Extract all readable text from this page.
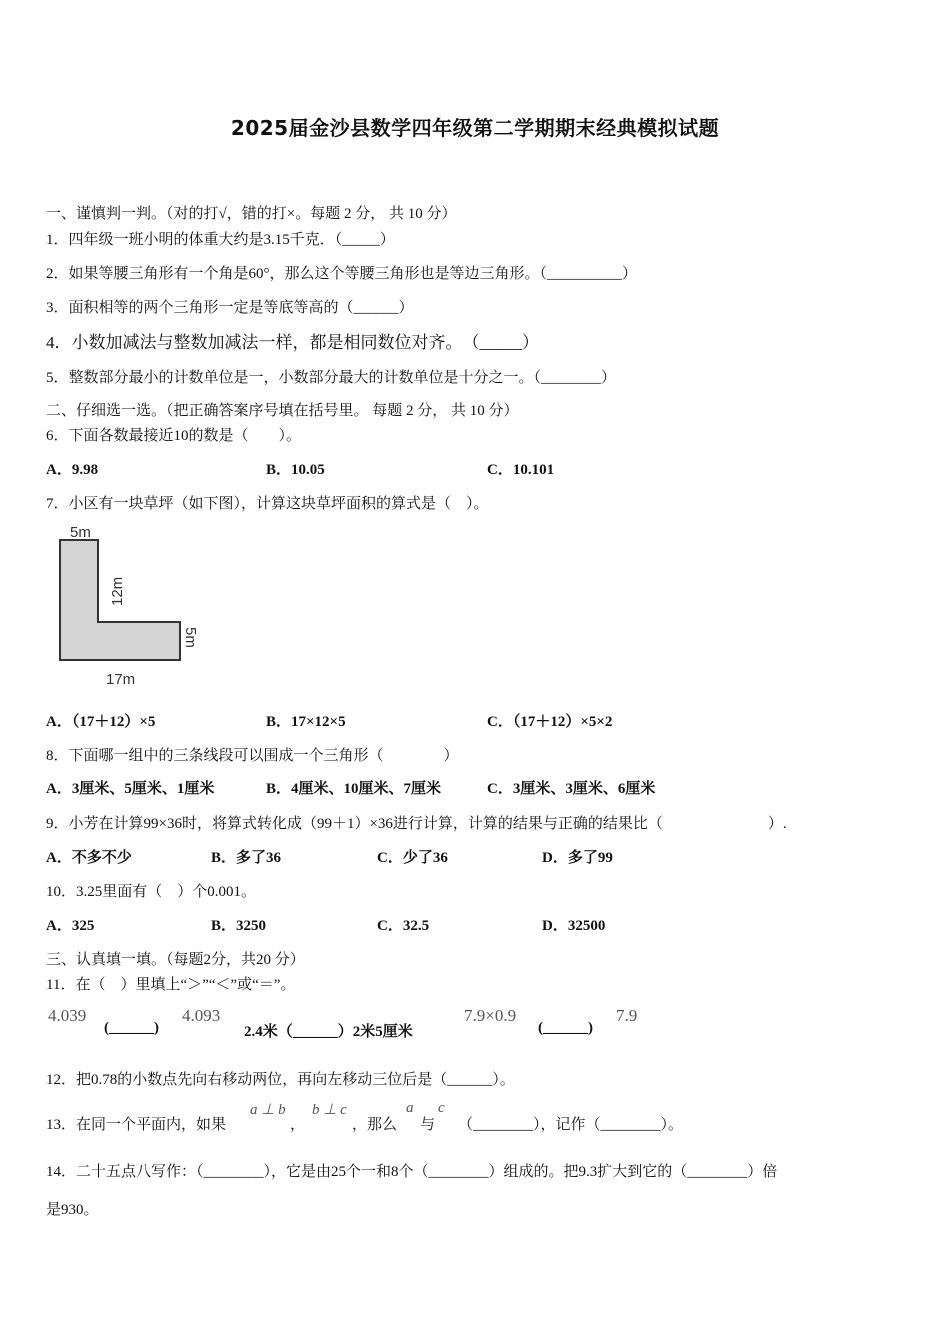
2025届金沙县数学四年级第二学期期末经典模拟试题
一、谨慎判一判。（对的打√，错的打×。每题 2 分， 共 10 分）
1．四年级一班小明的体重大约是3.15千克．（_____）
2．如果等腰三角形有一个角是60°，那么这个等腰三角形也是等边三角形。（__________）
3．面积相等的两个三角形一定是等底等高的（______）
4．小数加减法与整数加减法一样，都是相同数位对齐。　（_____）
5．整数部分最小的计数单位是一，小数部分最大的计数单位是十分之一。（________）
二、仔细选一选。（把正确答案序号填在括号里。 每题 2 分， 共 10 分）
6．下面各数最接近10的数是（　　）。
A．9.98	B．10.05	C．10.101
7．小区有一块草坪（如下图），计算这块草坪面积的算式是（　）。
5m
12m
5m
17m
A．（17＋12）×5	B．17×12×5	C．（17＋12）×5×2
8．下面哪一组中的三条线段可以围成一个三角形（　　　　）
A．3厘米、5厘米、1厘米	B．4厘米、10厘米、7厘米	C．3厘米、3厘米、6厘米
9．小芳在计算99×36时，将算式转化成（99＋1）×36进行计算，计算的结果与正确的结果比（　　　　　　　）.
A．不多不少	B．多了36	C．少了36	D．多了99
10．3.25里面有（　）个0.001。
A．325	B．3250	C．32.5	D．32500
三、认真填一填。（每题2分，共20 分）
11．在（　）里填上“＞”“＜”或“＝”。
4.039
(______)
4.093
2.4米（______）2米5厘米
7.9×0.9
(______)
7.9
12．把0.78的小数点先向右移动两位，再向左移动三位后是（______）。
13．在同一个平面内，如果
a ⊥ b
，
b ⊥ c
，那么
a
与
c
（________），记作（________）。
14．二十五点八写作：（________），它是由25个一和8个（________）组成的。把9.3扩大到它的（________）倍
是930。
